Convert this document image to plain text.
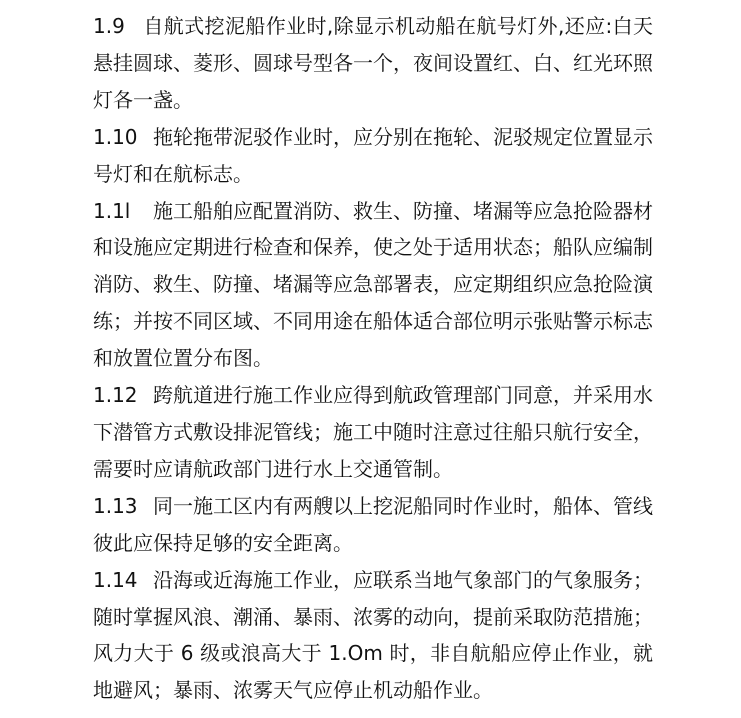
1.9 自航式挖泥船作业时,除显示机动船在航号灯外,还应:白天悬挂圆球、菱形、圆球号型各一个，夜间设置红、白、红光环照灯各一盏。

1.10 拖轮拖带泥驳作业时，应分别在拖轮、泥驳规定位置显示号灯和在航标志。

1.1l 施工船舶应配置消防、救生、防撞、堵漏等应急抢险器材和设施应定期进行检查和保养，使之处于适用状态；船队应编制消防、救生、防撞、堵漏等应急部署表，应定期组织应急抢险演练；并按不同区域、不同用途在船体适合部位明示张贴警示标志和放置位置分布图。

1.12 跨航道进行施工作业应得到航政管理部门同意，并采用水下潜管方式敷设排泥管线；施工中随时注意过往船只航行安全，需要时应请航政部门进行水上交通管制。

1.13 同一施工区内有两艘以上挖泥船同时作业时，船体、管线彼此应保持足够的安全距离。

1.14 沿海或近海施工作业，应联系当地气象部门的气象服务；随时掌握风浪、潮涌、暴雨、浓雾的动向，提前采取防范措施；风力大于 6 级或浪高大于 1.Om 时，非自航船应停止作业，就地避风；暴雨、浓雾天气应停止机动船作业。
